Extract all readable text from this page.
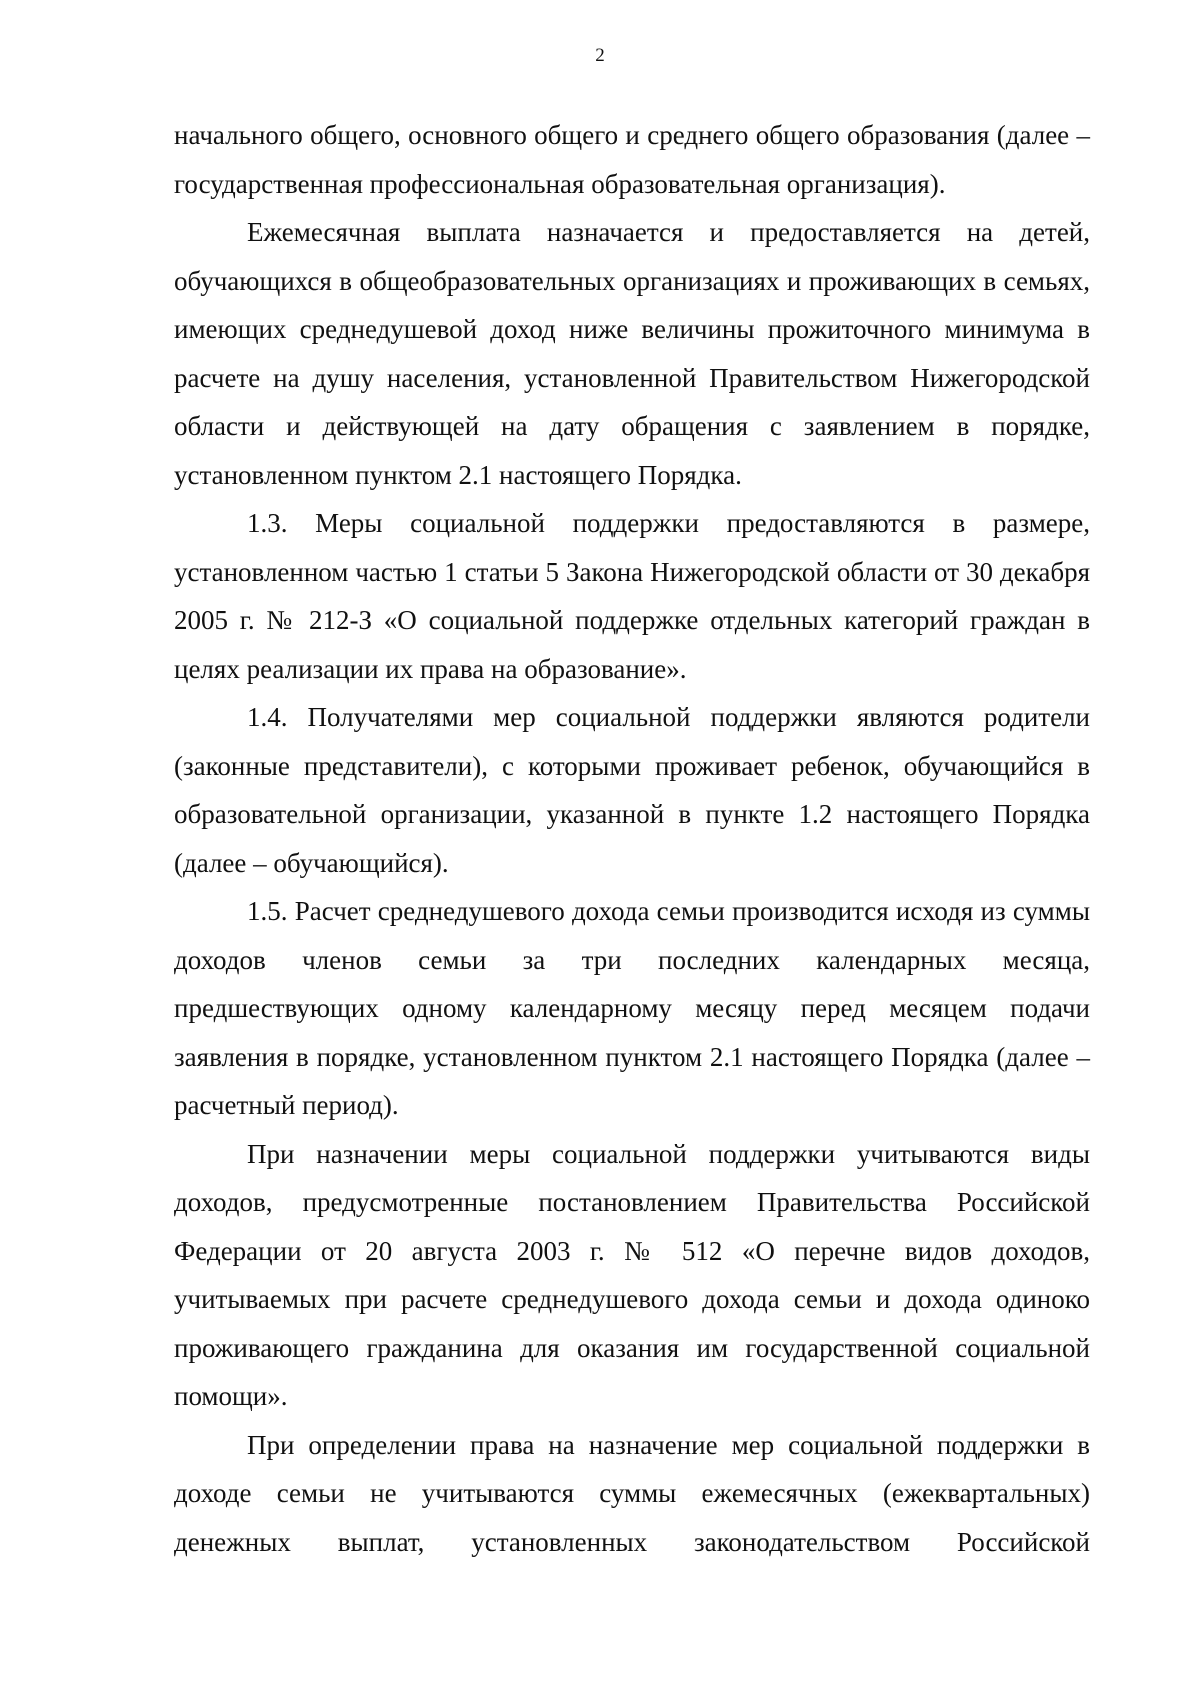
2

начального общего, основного общего и среднего общего образования (далее – государственная профессиональная образовательная организация).

Ежемесячная выплата назначается и предоставляется на детей, обучающихся в общеобразовательных организациях и проживающих в семьях, имеющих среднедушевой доход ниже величины прожиточного минимума в расчете на душу населения, установленной Правительством Нижегородской области и действующей на дату обращения с заявлением в порядке, установленном пунктом 2.1 настоящего Порядка.

1.3. Меры социальной поддержки предоставляются в размере, установленном частью 1 статьи 5 Закона Нижегородской области от 30 декабря 2005 г. № 212-З «О социальной поддержке отдельных категорий граждан в целях реализации их права на образование».

1.4. Получателями мер социальной поддержки являются родители (законные представители), с которыми проживает ребенок, обучающийся в образовательной организации, указанной в пункте 1.2 настоящего Порядка (далее – обучающийся).

1.5. Расчет среднедушевого дохода семьи производится исходя из суммы доходов членов семьи за три последних календарных месяца, предшествующих одному календарному месяцу перед месяцем подачи заявления в порядке, установленном пунктом 2.1 настоящего Порядка (далее – расчетный период).

При назначении меры социальной поддержки учитываются виды доходов, предусмотренные постановлением Правительства Российской Федерации от 20 августа 2003 г. № 512 «О перечне видов доходов, учитываемых при расчете среднедушевого дохода семьи и дохода одиноко проживающего гражданина для оказания им государственной социальной помощи».

При определении права на назначение мер социальной поддержки в доходе семьи не учитываются суммы ежемесячных (ежеквартальных) денежных выплат, установленных законодательством Российской
